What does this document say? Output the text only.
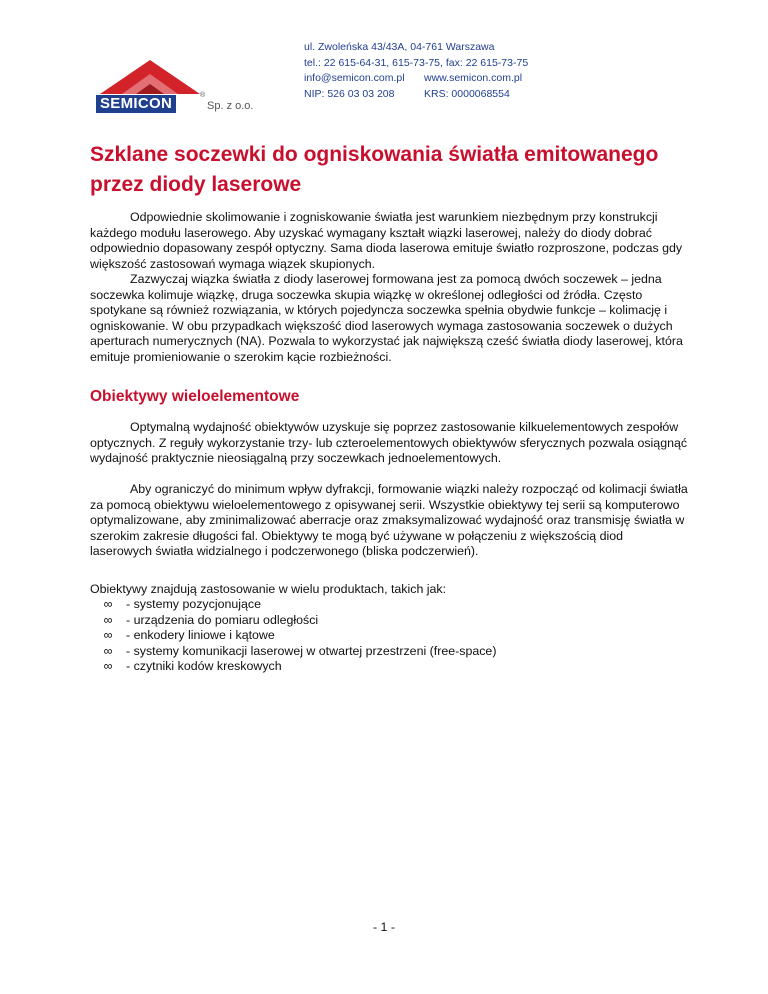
SEMICON	®
Sp. z o.o.
ul. Zwoleńska 43/43A, 04-761 Warszawa
tel.: 22 615-64-31, 615-73-75, fax: 22 615-73-75
info@semicon.com.pl	www.semicon.com.pl
NIP: 526 03 03 208	KRS: 0000068554
Szklane soczewki do ogniskowania światła emitowanego przez diody laserowe

Odpowiednie skolimowanie i zogniskowanie światła jest warunkiem niezbędnym przy konstrukcji każdego modułu laserowego. Aby uzyskać wymagany kształt wiązki laserowej, należy do diody dobrać odpowiednio dopasowany zespół optyczny. Sama dioda laserowa emituje światło rozproszone, podczas gdy większość zastosowań wymaga wiązek skupionych.

Zazwyczaj wiązka światła z diody laserowej formowana jest za pomocą dwóch soczewek – jedna soczewka kolimuje wiązkę, druga soczewka skupia wiązkę w określonej odległości od źródła. Często spotykane są również rozwiązania, w których pojedyncza soczewka spełnia obydwie funkcje – kolimację i ogniskowanie. W obu przypadkach większość diod laserowych wymaga zastosowania soczewek o dużych aperturach numerycznych (NA). Pozwala to wykorzystać jak największą cześć światła diody laserowej, która emituje promieniowanie o szerokim kącie rozbieżności.

Obiektywy wieloelementowe

Optymalną wydajność obiektywów uzyskuje się poprzez zastosowanie kilkuelementowych zespołów optycznych. Z reguły wykorzystanie trzy- lub czteroelementowych obiektywów sferycznych pozwala osiągnąć wydajność praktycznie nieosiągalną przy soczewkach jednoelementowych.

Aby ograniczyć do minimum wpływ dyfrakcji, formowanie wiązki należy rozpocząć od kolimacji światła za pomocą obiektywu wieloelementowego z opisywanej serii. Wszystkie obiektywy tej serii są komputerowo optymalizowane, aby zminimalizować aberracje oraz zmaksymalizować wydajność oraz transmisję światła w szerokim zakresie długości fal. Obiektywy te mogą być używane w połączeniu z większością diod laserowych światła widzialnego i podczerwonego (bliska podczerwień).

Obiektywy znajdują zastosowanie w wielu produktach, takich jak:

∞	- systemy pozycjonujące
∞	- urządzenia do pomiaru odległości
∞	- enkodery liniowe i kątowe
∞	- systemy komunikacji laserowej w otwartej przestrzeni (free-space)
∞	- czytniki kodów kreskowych
- 1 -
